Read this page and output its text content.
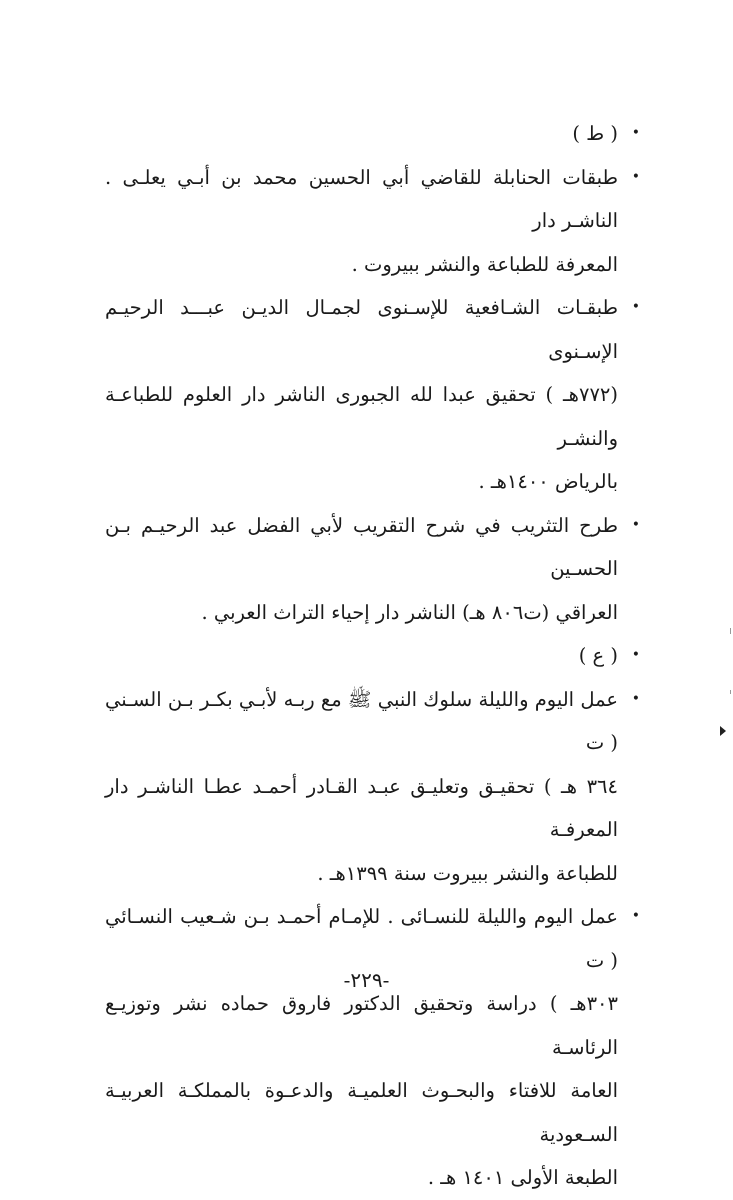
•
( ط )
•
طبقات الحنابلة للقاضي أبي الحسين محمد بن أبـي يعلـى . الناشـر دار
المعرفة للطباعة والنشر ببيروت .
•
طبقـات الشـافعية للإسـنوى لجمـال الديـن عبـــد الرحيـم الإسـنوى
(٧٧٢هـ ) تحقيق عبدا لله الجبورى الناشر دار العلوم للطباعـة والنشـر
بالرياض ١٤٠٠هـ .
•
طرح التثريب في شرح التقريب لأبي الفضل عبد الرحيـم بـن الحسـين
العراقي (ت٨٠٦ هـ) الناشر دار إحياء التراث العربي .
•
( ع )
•
عمل اليوم والليلة سلوك النبي ﷺ مع ربـه لأبـي بكـر بـن السـني ( ت
٣٦٤ هـ ) تحقيـق وتعليـق عبـد القـادر أحمـد عطـا الناشـر دار المعرفـة
للطباعة والنشر ببيروت سنة ١٣٩٩هـ .
•
عمل اليوم والليلة للنسـائى . للإمـام أحمـد بـن شـعيب النسـائي ( ت
٣٠٣هـ ) دراسة وتحقيق الدكتور فاروق حماده نشر وتوزيـع الرئاسـة
العامة للافتاء والبحـوث العلميـة والدعـوة بالمملكـة العربيـة السـعودية
الطبعة الأولى ١٤٠١ هـ .
-٢٢٩-
